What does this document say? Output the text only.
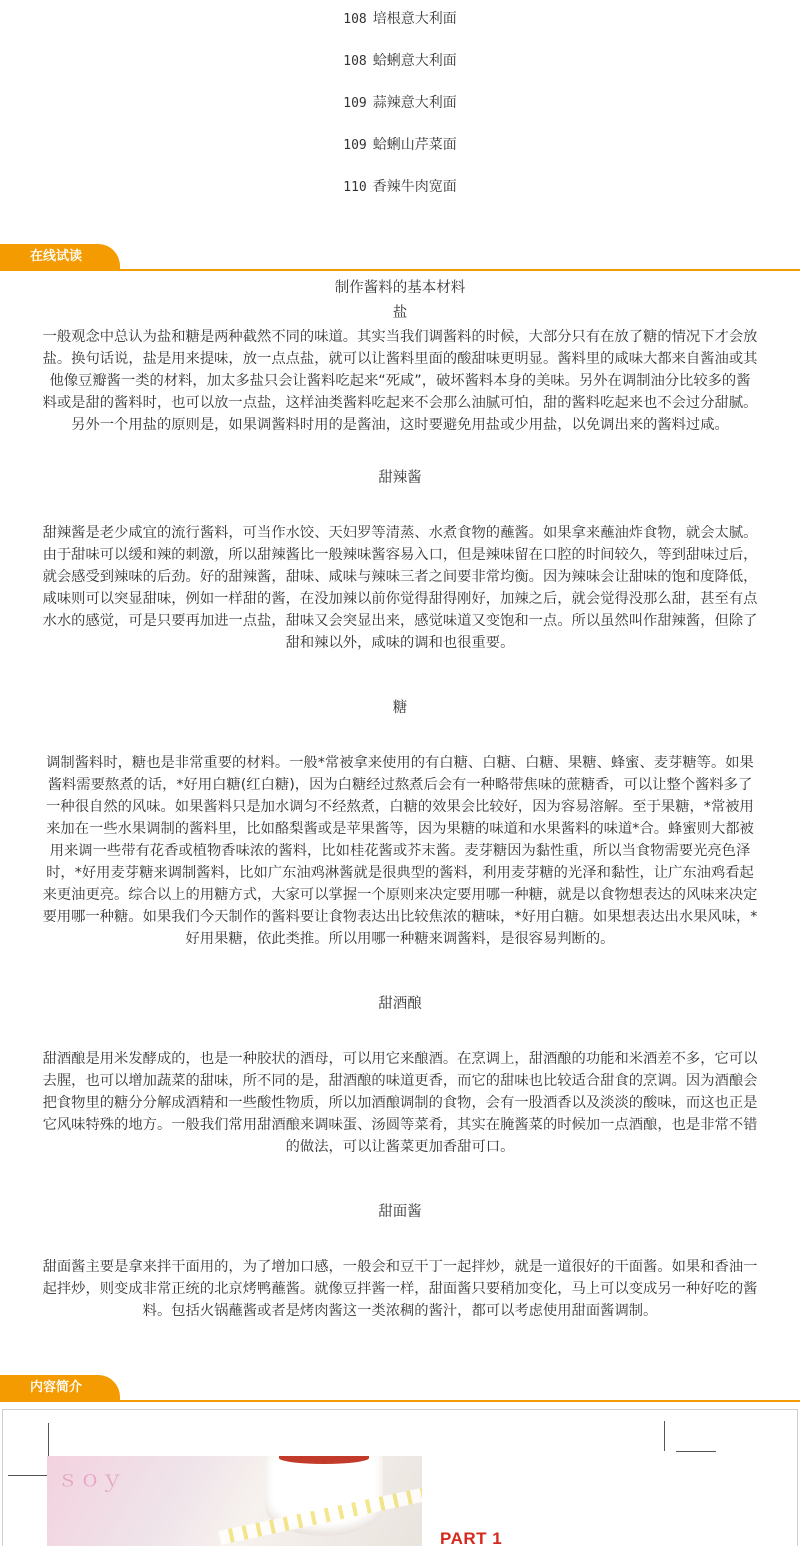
108 培根意大利面
108 蛤蜊意大利面
109 蒜辣意大利面
109 蛤蜊山芹菜面
110 香辣牛肉宽面
在线试读
制作酱料的基本材料
盐
一般观念中总认为盐和糖是两种截然不同的味道。其实当我们调酱料的时候，大部分只有在放了糖的情况下才会放
盐。换句话说，盐是用来提味，放一点点盐，就可以让酱料里面的酸甜味更明显。酱料里的咸味大都来自酱油或其
他像豆瓣酱一类的材料，加太多盐只会让酱料吃起来“死咸”，破坏酱料本身的美味。另外在调制油分比较多的酱
料或是甜的酱料时，也可以放一点盐，这样油类酱料吃起来不会那么油腻可怕，甜的酱料吃起来也不会过分甜腻。
另外一个用盐的原则是，如果调酱料时用的是酱油，这时要避免用盐或少用盐，以免调出来的酱料过咸。
甜辣酱
甜辣酱是老少咸宜的流行酱料，可当作水饺、天妇罗等清蒸、水煮食物的蘸酱。如果拿来蘸油炸食物，就会太腻。
由于甜味可以缓和辣的刺激，所以甜辣酱比一般辣味酱容易入口，但是辣味留在口腔的时间较久，等到甜味过后，
就会感受到辣味的后劲。好的甜辣酱，甜味、咸味与辣味三者之间要非常均衡。因为辣味会让甜味的饱和度降低，
咸味则可以突显甜味，例如一样甜的酱，在没加辣以前你觉得甜得刚好，加辣之后，就会觉得没那么甜，甚至有点
水水的感觉，可是只要再加进一点盐，甜味又会突显出来，感觉味道又变饱和一点。所以虽然叫作甜辣酱，但除了
甜和辣以外，咸味的调和也很重要。
糖
调制酱料时，糖也是非常重要的材料。一般*常被拿来使用的有白糖、白糖、白糖、果糖、蜂蜜、麦芽糖等。如果
酱料需要熬煮的话，*好用白糖(红白糖)，因为白糖经过熬煮后会有一种略带焦味的蔗糖香，可以让整个酱料多了
一种很自然的风味。如果酱料只是加水调匀不经熬煮，白糖的效果会比较好，因为容易溶解。至于果糖，*常被用
来加在一些水果调制的酱料里，比如酪梨酱或是苹果酱等，因为果糖的味道和水果酱料的味道*合。蜂蜜则大都被
用来调一些带有花香或植物香味浓的酱料，比如桂花酱或芥末酱。麦芽糖因为黏性重，所以当食物需要光亮色泽
时，*好用麦芽糖来调制酱料，比如广东油鸡淋酱就是很典型的酱料，利用麦芽糖的光泽和黏性，让广东油鸡看起
来更油更亮。综合以上的用糖方式，大家可以掌握一个原则来决定要用哪一种糖，就是以食物想表达的风味来决定
要用哪一种糖。如果我们今天制作的酱料要让食物表达出比较焦浓的糖味，*好用白糖。如果想表达出水果风味，*
好用果糖，依此类推。所以用哪一种糖来调酱料，是很容易判断的。
甜酒酿
甜酒酿是用米发酵成的，也是一种胶状的酒母，可以用它来酿酒。在烹调上，甜酒酿的功能和米酒差不多，它可以
去腥，也可以增加蔬菜的甜味，所不同的是，甜酒酿的味道更香，而它的甜味也比较适合甜食的烹调。因为酒酿会
把食物里的糖分分解成酒精和一些酸性物质，所以加酒酿调制的食物，会有一股酒香以及淡淡的酸味，而这也正是
它风味特殊的地方。一般我们常用甜酒酿来调味蛋、汤圆等菜肴，其实在腌酱菜的时候加一点酒酿，也是非常不错
的做法，可以让酱菜更加香甜可口。
甜面酱
甜面酱主要是拿来拌干面用的，为了增加口感，一般会和豆干丁一起拌炒，就是一道很好的干面酱。如果和香油一
起拌炒，则变成非常正统的北京烤鸭蘸酱。就像豆拌酱一样，甜面酱只要稍加变化，马上可以变成另一种好吃的酱
料。包括火锅蘸酱或者是烤肉酱这一类浓稠的酱汁，都可以考虑使用甜面酱调制。
内容简介
ｓｏｙ
PART 1
